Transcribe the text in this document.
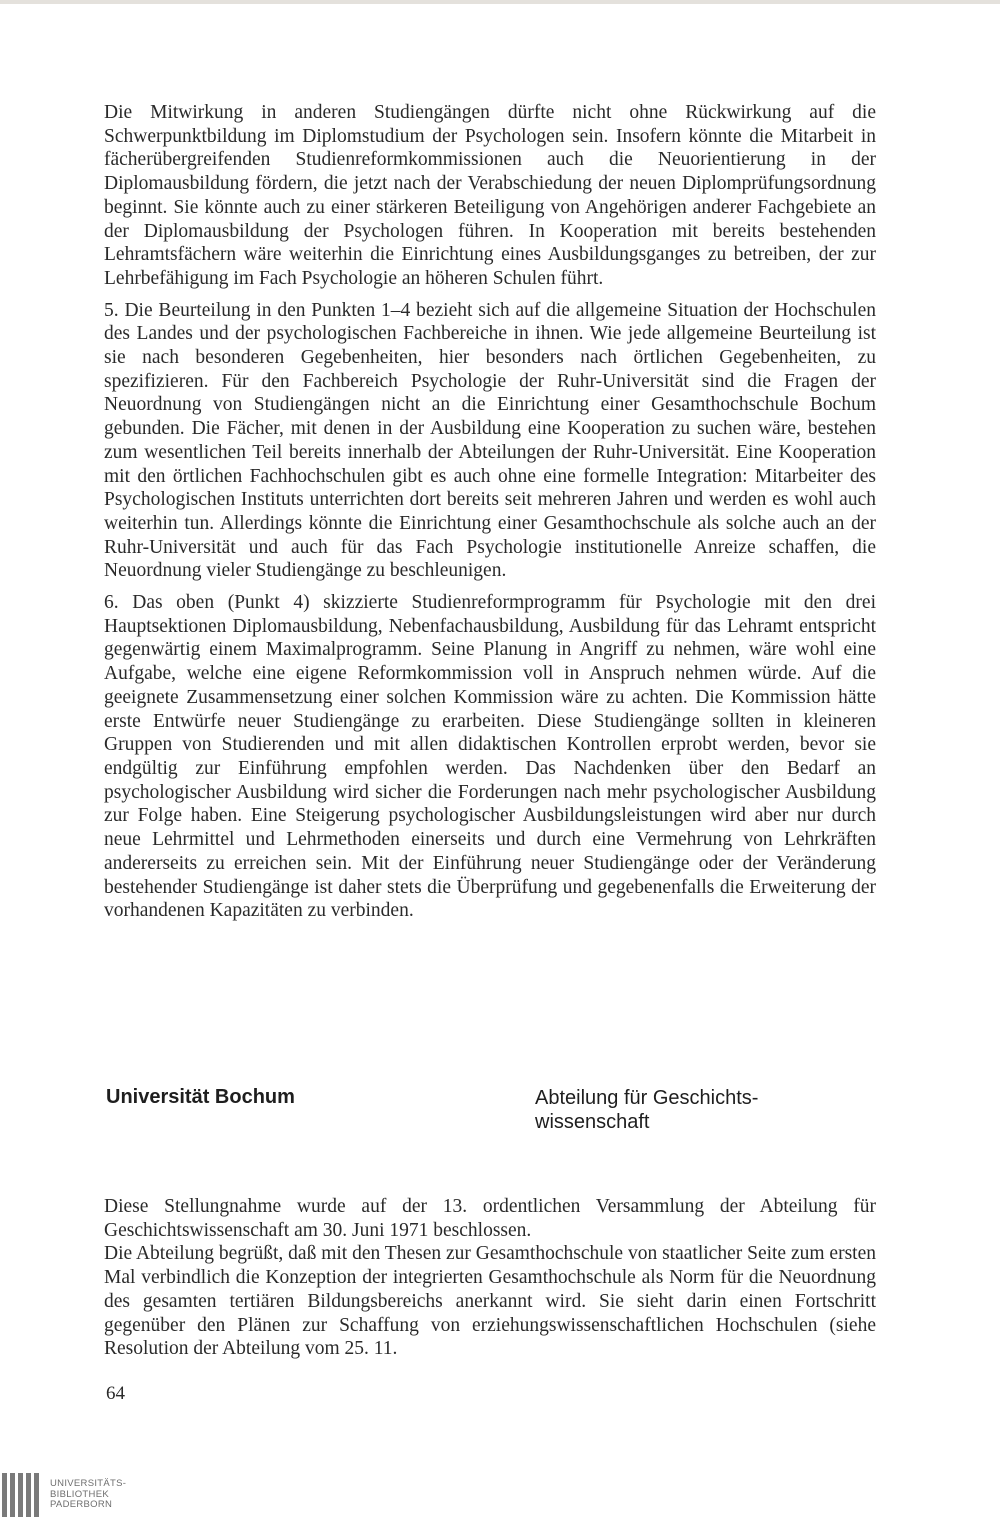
Die Mitwirkung in anderen Studiengängen dürfte nicht ohne Rückwirkung auf die Schwerpunktbildung im Diplomstudium der Psychologen sein. Insofern könnte die Mitarbeit in fächerübergreifenden Studienreformkommissionen auch die Neuorientierung in der Diplomausbildung fördern, die jetzt nach der Verabschiedung der neuen Diplomprüfungsordnung beginnt. Sie könnte auch zu einer stärkeren Beteiligung von Angehörigen anderer Fachgebiete an der Diplomausbildung der Psychologen führen. In Kooperation mit bereits bestehenden Lehramtsfächern wäre weiterhin die Einrichtung eines Ausbildungsganges zu betreiben, der zur Lehrbefähigung im Fach Psychologie an höheren Schulen führt.

5. Die Beurteilung in den Punkten 1–4 bezieht sich auf die allgemeine Situation der Hochschulen des Landes und der psychologischen Fachbereiche in ihnen. Wie jede allgemeine Beurteilung ist sie nach besonderen Gegebenheiten, hier besonders nach örtlichen Gegebenheiten, zu spezifizieren. Für den Fachbereich Psychologie der Ruhr-Universität sind die Fragen der Neuordnung von Studiengängen nicht an die Einrichtung einer Gesamthochschule Bochum gebunden. Die Fächer, mit denen in der Ausbildung eine Kooperation zu suchen wäre, bestehen zum wesentlichen Teil bereits innerhalb der Abteilungen der Ruhr-Universität. Eine Kooperation mit den örtlichen Fachhochschulen gibt es auch ohne eine formelle Integration: Mitarbeiter des Psychologischen Instituts unterrichten dort bereits seit mehreren Jahren und werden es wohl auch weiterhin tun. Allerdings könnte die Einrichtung einer Gesamthochschule als solche auch an der Ruhr-Universität und auch für das Fach Psychologie institutionelle Anreize schaffen, die Neuordnung vieler Studiengänge zu beschleunigen.

6. Das oben (Punkt 4) skizzierte Studienreformprogramm für Psychologie mit den drei Hauptsektionen Diplomausbildung, Nebenfachausbildung, Ausbildung für das Lehramt entspricht gegenwärtig einem Maximalprogramm. Seine Planung in Angriff zu nehmen, wäre wohl eine Aufgabe, welche eine eigene Reformkommission voll in Anspruch nehmen würde. Auf die geeignete Zusammensetzung einer solchen Kommission wäre zu achten. Die Kommission hätte erste Entwürfe neuer Studiengänge zu erarbeiten. Diese Studiengänge sollten in kleineren Gruppen von Studierenden und mit allen didaktischen Kontrollen erprobt werden, bevor sie endgültig zur Einführung empfohlen werden. Das Nachdenken über den Bedarf an psychologischer Ausbildung wird sicher die Forderungen nach mehr psychologischer Ausbildung zur Folge haben. Eine Steigerung psychologischer Ausbildungsleistungen wird aber nur durch neue Lehrmittel und Lehrmethoden einerseits und durch eine Vermehrung von Lehrkräften andererseits zu erreichen sein. Mit der Einführung neuer Studiengänge oder der Veränderung bestehender Studiengänge ist daher stets die Überprüfung und gegebenenfalls die Erweiterung der vorhandenen Kapazitäten zu verbinden.

Universität Bochum	Abteilung für Geschichts-
wissenschaft

Diese Stellungnahme wurde auf der 13. ordentlichen Versammlung der Abteilung für Geschichtswissenschaft am 30. Juni 1971 beschlossen.

Die Abteilung begrüßt, daß mit den Thesen zur Gesamthochschule von staatlicher Seite zum ersten Mal verbindlich die Konzeption der integrierten Gesamthochschule als Norm für die Neuordnung des gesamten tertiären Bildungsbereichs anerkannt wird. Sie sieht darin einen Fortschritt gegenüber den Plänen zur Schaffung von erziehungswissenschaftlichen Hochschulen (siehe Resolution der Abteilung vom 25. 11.

64
UNIVERSITÄTS-
BIBLIOTHEK
PADERBORN
